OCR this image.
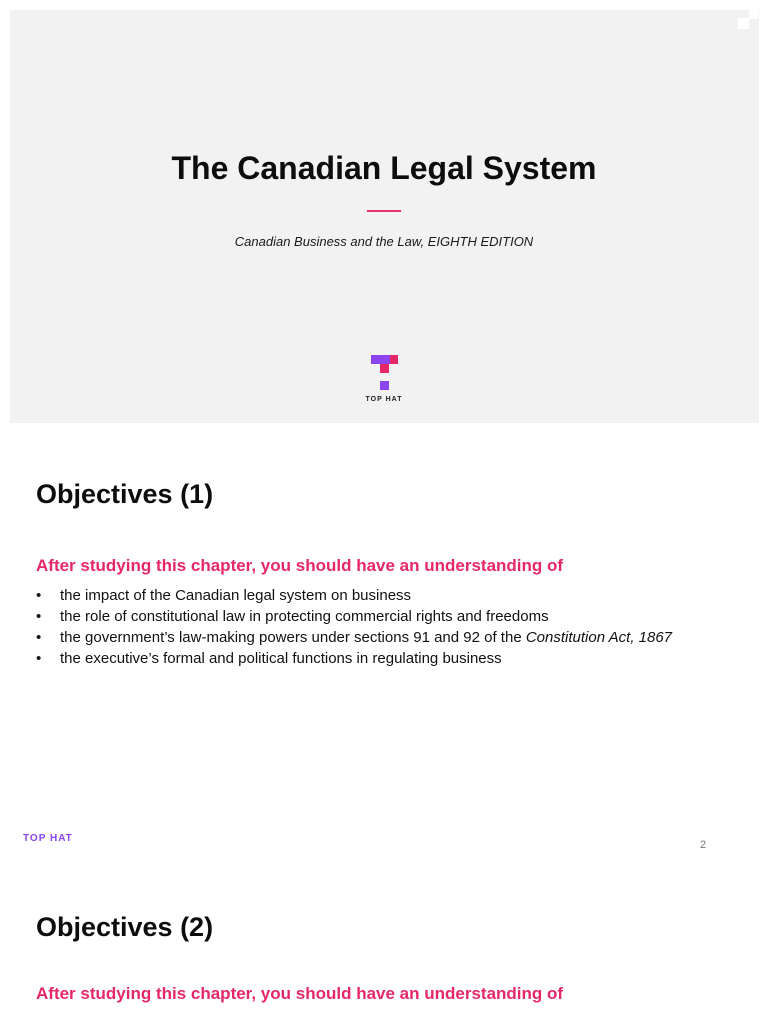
The Canadian Legal System
Canadian Business and the Law, EIGHTH EDITION
TOP HAT
Objectives (1)
After studying this chapter, you should have an understanding of
• the impact of the Canadian legal system on business
• the role of constitutional law in protecting commercial rights and freedoms
• the government’s law-making powers under sections 91 and 92 of the Constitution Act, 1867
• the executive’s formal and political functions in regulating business
TOP HAT
2
Objectives (2)
After studying this chapter, you should have an understanding of
